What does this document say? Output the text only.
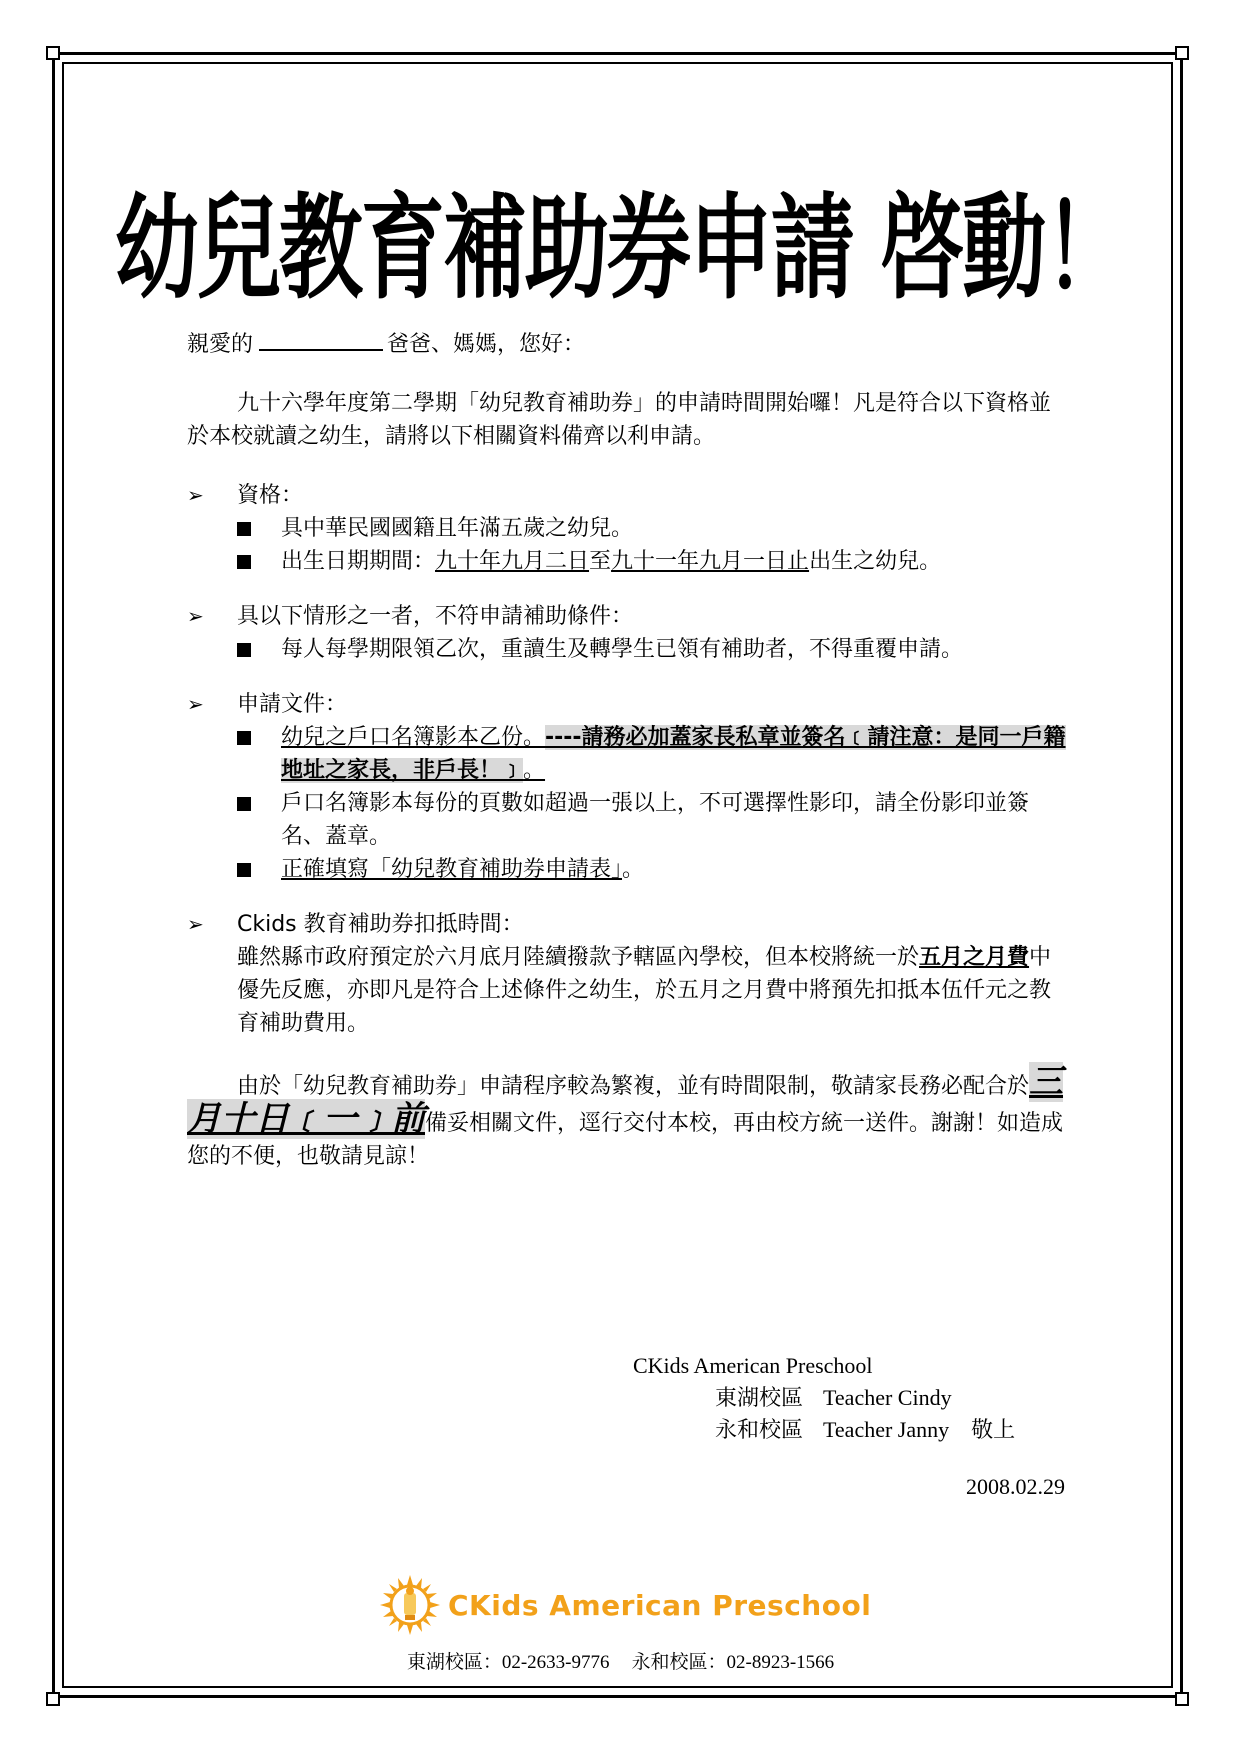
幼兒教育補助券申請 啓動！

親愛的	爸爸、媽媽，您好：

九十六學年度第二學期「幼兒教育補助券」的申請時間開始囉！凡是符合以下資格並於本校就讀之幼生，請將以下相關資料備齊以利申請。

➢	資格：
具中華民國國籍且年滿五歲之幼兒。
出生日期期間：九十年九月二日至九十一年九月一日止出生之幼兒。
➢	具以下情形之一者，不符申請補助條件：
每人每學期限領乙次，重讀生及轉學生已領有補助者，不得重覆申請。
➢	申請文件：
幼兒之戶口名簿影本乙份。----請務必加蓋家長私章並簽名﹝請注意：是同一戶籍地址之家長，非戶長！﹞。
戶口名簿影本每份的頁數如超過一張以上，不可選擇性影印，請全份影印並簽名、蓋章。
正確填寫「幼兒教育補助券申請表」。
➢	Ckids 教育補助券扣抵時間：

雖然縣市政府預定於六月底月陸續撥款予轄區內學校，但本校將統一於五月之月費中優先反應，亦即凡是符合上述條件之幼生，於五月之月費中將預先扣抵本伍仟元之教育補助費用。

由於「幼兒教育補助券」申請程序較為繁複，並有時間限制，敬請家長務必配合於三月十日﹝一﹞前備妥相關文件，逕行交付本校，再由校方統一送件。謝謝！如造成您的不便，也敬請見諒！

CKids American Preschool
東湖校區 Teacher Cindy
永和校區 Teacher Janny 敬上
2008.02.29
CKids American Preschool
東湖校區：02-2633-9776 永和校區：02-8923-1566
